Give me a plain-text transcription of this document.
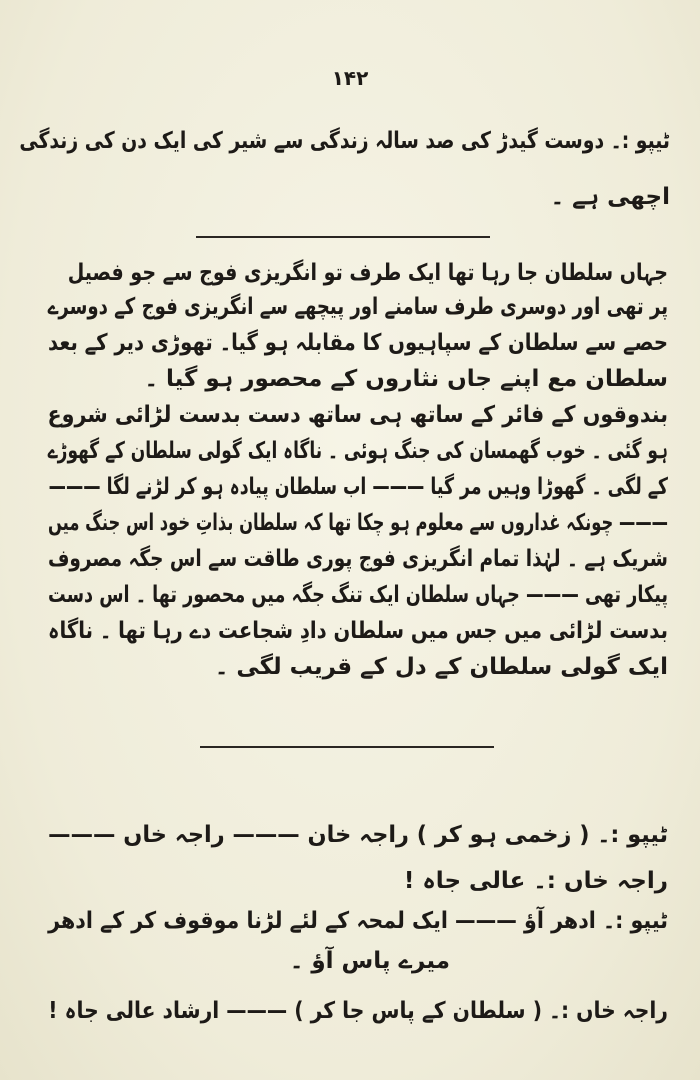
۱۴۲
ٹیپو :۔ دوست گیدڑ کی صد سالہ زندگی سے شیر کی ایک دن کی زندگی
اچھی ہے ۔
جہاں سلطان جا رہا تھا ایک طرف تو انگریزی فوج سے جو فصیل
پر تھی اور دوسری طرف سامنے اور پیچھے سے انگریزی فوج کے دوسرے
حصے سے سلطان کے سپاہیوں کا مقابلہ ہو گیا۔ تھوڑی دیر کے بعد
سلطان مع اپنے جاں نثاروں کے محصور ہو گیا ۔
بندوقوں کے فائر کے ساتھ ہی ساتھ دست بدست لڑائی شروع
ہو گئی ۔ خوب گھمسان کی جنگ ہوئی ۔ ناگاہ ایک گولی سلطان کے گھوڑے
کے لگی ۔ گھوڑا وہیں مر گیا ——— اب سلطان پیادہ ہو کر لڑنے لگا ———
——— چونکہ غداروں سے معلوم ہو چکا تھا کہ سلطان بذاتِ خود اس جنگ میں
شریک ہے ۔ لہٰذا تمام انگریزی فوج پوری طاقت سے اس جگہ مصروف
پیکار تھی ——— جہاں سلطان ایک تنگ جگہ میں محصور تھا ۔ اس دست
بدست لڑائی میں جس میں سلطان دادِ شجاعت دے رہا تھا ۔ ناگاہ
ایک گولی سلطان کے دل کے قریب لگی ۔
ٹیپو :۔ ( زخمی ہو کر ) راجہ خان ——— راجہ خاں ———
راجہ خاں :۔ عالی جاہ !
ٹیپو :۔ ادھر آؤ ——— ایک لمحہ کے لئے لڑنا موقوف کر کے ادھر
میرے پاس آؤ ۔
راجہ خاں :۔ ( سلطان کے پاس جا کر ) ——— ارشاد عالی جاہ !
